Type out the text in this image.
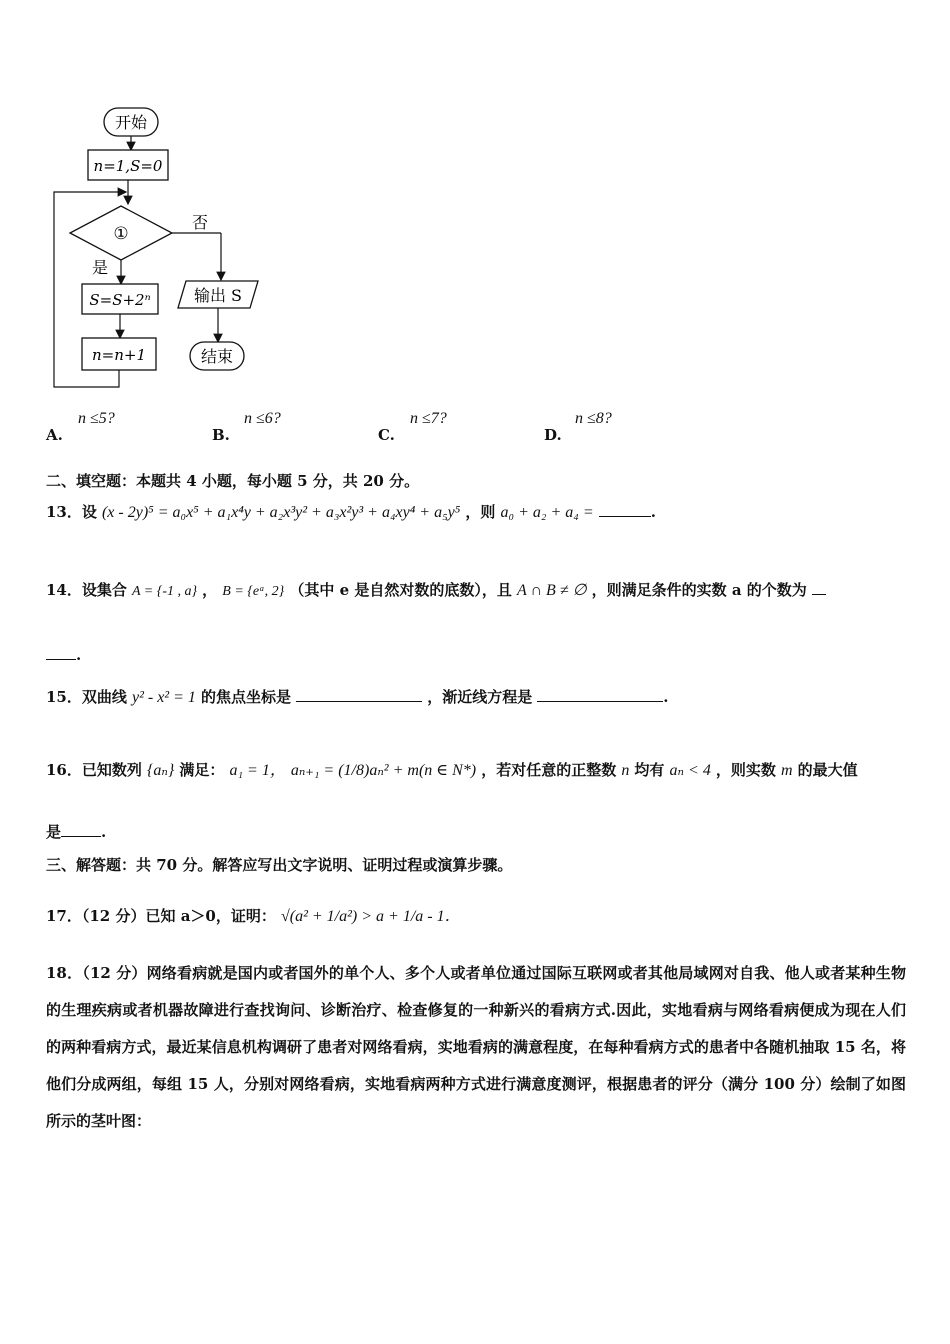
开始
n=1,S=0
①
否
是
S=S+2ⁿ	输出 S
n=n+1	结束
A.
n ≤5?
B.
n ≤6?
C.
n ≤7?
D.
n ≤8?
二、填空题：本题共 4 小题，每小题 5 分，共 20 分。
13．设 (x - 2y)⁵ = a₀x⁵ + a₁x⁴y + a₂x³y² + a₃x²y³ + a₄xy⁴ + a₅y⁵ ，则 a₀ + a₂ + a₄ =	.
14．设集合 A = {-1 , a} ， B = {eᵃ, 2} （其中 e 是自然对数的底数），且 A ∩ B ≠ ∅ ，则满足条件的实数 a 的个数为
.
15．双曲线 y² - x² = 1 的焦点坐标是	，渐近线方程是	.
16．已知数列 {aₙ} 满足： a₁ = 1， aₙ₊₁ = (1/8)aₙ² + m(n ∈ N*) ，若对任意的正整数 n 均有 aₙ < 4 ，则实数 m 的最大值
是	.
三、解答题：共 70 分。解答应写出文字说明、证明过程或演算步骤。
17．（12 分）已知 a＞0，证明： √(a² + 1/a²) > a + 1/a - 1．
18．（12 分）网络看病就是国内或者国外的单个人、多个人或者单位通过国际互联网或者其他局域网对自我、他人或者某种生物的生理疾病或者机器故障进行查找询问、诊断治疗、检查修复的一种新兴的看病方式.因此，实地看病与网络看病便成为现在人们的两种看病方式，最近某信息机构调研了患者对网络看病，实地看病的满意程度，在每种看病方式的患者中各随机抽取 15 名，将他们分成两组，每组 15 人，分别对网络看病，实地看病两种方式进行满意度测评，根据患者的评分（满分 100 分）绘制了如图所示的茎叶图：
